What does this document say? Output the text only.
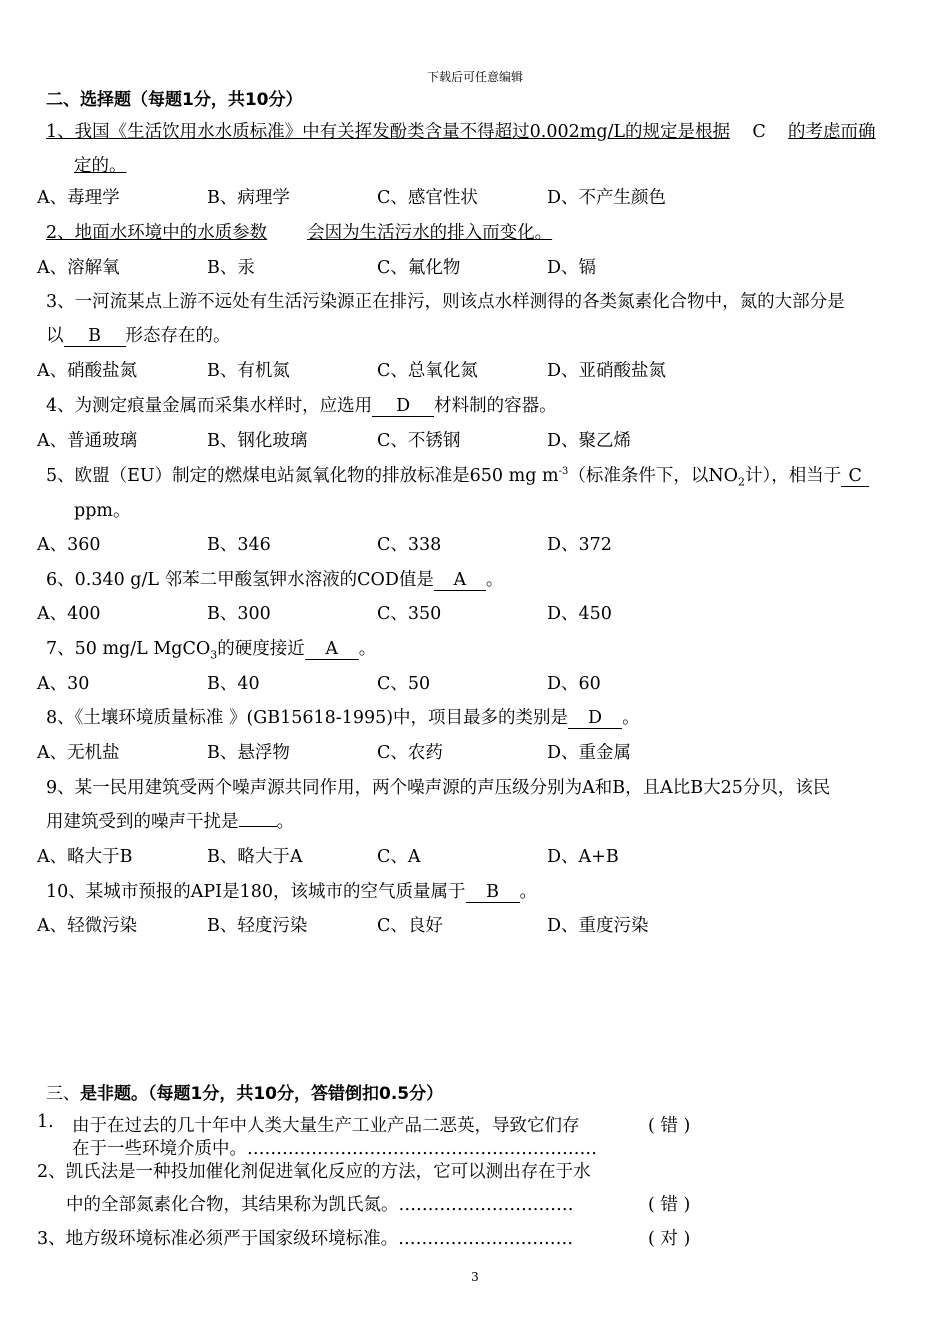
下载后可任意编辑
二、选择题（每题1分，共10分）
1、我国《生活饮用水水质标准》中有关挥发酚类含量不得超过0.002mg/L的规定是根据 C 的考虑而确
定的。
A、毒理学	B、病理学	C、感官性状	D、不产生颜色
2、地面水环境中的水质参数 会因为生活污水的排入而变化。
A、溶解氧	B、汞	C、氟化物	D、镉
3、一河流某点上游不远处有生活污染源正在排污，则该点水样测得的各类氮素化合物中，氮的大部分是
以 B 形态存在的。
A、硝酸盐氮	B、有机氮	C、总氧化氮	D、亚硝酸盐氮
4、为测定痕量金属而采集水样时，应选用 D 材料制的容器。
A、普通玻璃	B、钢化玻璃	C、不锈钢	D、聚乙烯
5、欧盟（EU）制定的燃煤电站氮氧化物的排放标准是650 mg $m^{-3}$（标准条件下，以$NO_2$计），相当于 C
ppm。
A、360	B、346	C、338	D、372
6、0.340 g/L 邻苯二甲酸氢钾水溶液的COD值是 A 。
A、400	B、300	C、350	D、450
7、50 mg/L MgCO$_3$的硬度接近 A 。
A、30	B、40	C、50	D、60
8、《土壤环境质量标准 》(GB15618-1995)中，项目最多的类别是 D 。
A、无机盐	B、悬浮物	C、农药	D、重金属
9、某一民用建筑受两个噪声源共同作用，两个噪声源的声压级分别为A和B，且A比B大25分贝，该民
用建筑受到的噪声干扰是 。
A、略大于B	B、略大于A	C、A	D、A+B
10、某城市预报的API是180，该城市的空气质量属于 B 。
A、轻微污染	B、轻度污染	C、良好	D、重度污染
三、是非题。（每题1分，共10分，答错倒扣0.5分）
1. 由于在过去的几十年中人类大量生产工业产品二恶英，导致它们存	( 错 )
在于一些环境介质中。……………………………………………………
2、凯氏法是一种投加催化剂促进氧化反应的方法，它可以测出存在于水
中的全部氮素化合物，其结果称为凯氏氮。…………………………	( 错 )
3、地方级环境标准必须严于国家级环境标准。…………………………	( 对 )
3
